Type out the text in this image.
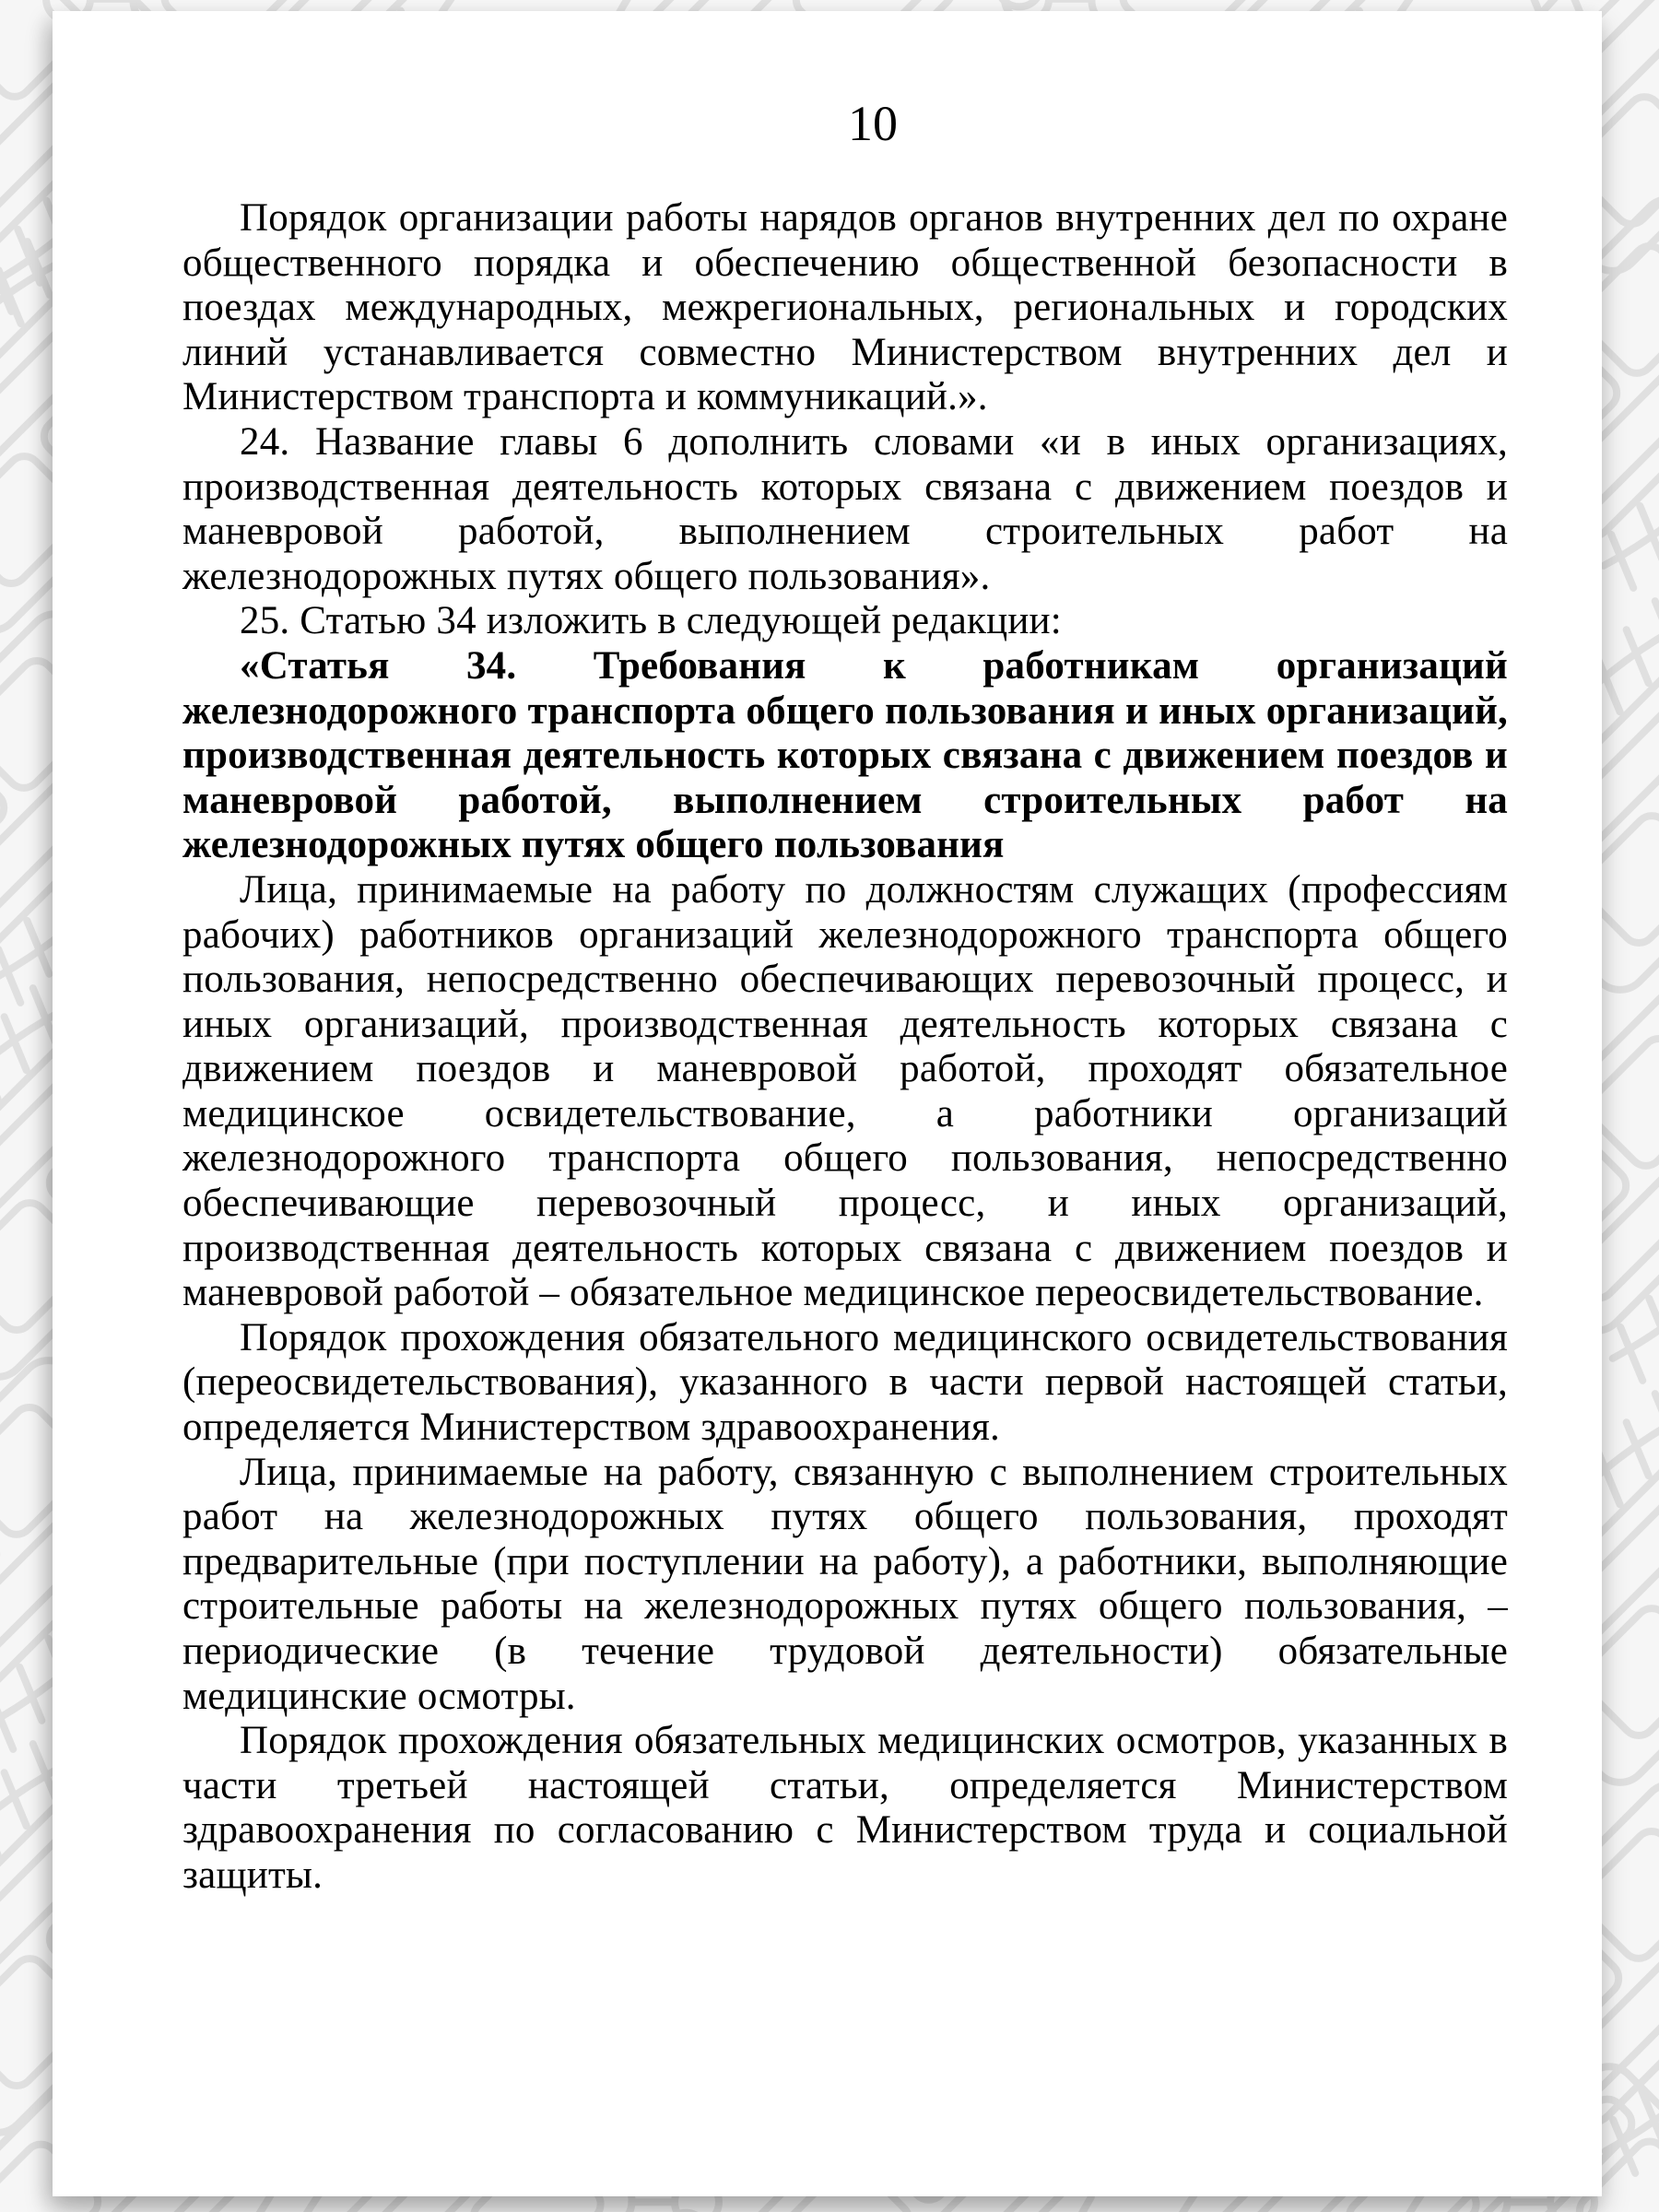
10

Порядок организации работы нарядов органов внутренних дел по охране общественного порядка и обеспечению общественной безопасности в поездах международных, межрегиональных, региональных и городских линий устанавливается совместно Министерством внутренних дел и Министерством транспорта и коммуникаций.».

24. Название главы 6 дополнить словами «и в иных организациях, производственная деятельность которых связана с движением поездов и маневровой работой, выполнением строительных работ на железнодорожных путях общего пользования».

25. Статью 34 изложить в следующей редакции:

«Статья 34. Требования к работникам организаций железнодорожного транспорта общего пользования и иных организаций, производственная деятельность которых связана с движением поездов и маневровой работой, выполнением строительных работ на железнодорожных путях общего пользования

Лица, принимаемые на работу по должностям служащих (профессиям рабочих) работников организаций железнодорожного транспорта общего пользования, непосредственно обеспечивающих перевозочный процесс, и иных организаций, производственная деятельность которых связана с движением поездов и маневровой работой, проходят обязательное медицинское освидетельствование, а работники организаций железнодорожного транспорта общего пользования, непосредственно обеспечивающие перевозочный процесс, и иных организаций, производственная деятельность которых связана с движением поездов и маневровой работой – обязательное медицинское переосвидетельствование.

Порядок прохождения обязательного медицинского освидетельствования (переосвидетельствования), указанного в части первой настоящей статьи, определяется Министерством здравоохранения.

Лица, принимаемые на работу, связанную с выполнением строительных работ на железнодорожных путях общего пользования, проходят предварительные (при поступлении на работу), а работники, выполняющие строительные работы на железнодорожных путях общего пользования, – периодические (в течение трудовой деятельности) обязательные медицинские осмотры.

Порядок прохождения обязательных медицинских осмотров, указанных в части третьей настоящей статьи, определяется Министерством здравоохранения по согласованию с Министерством труда и социальной защиты.
